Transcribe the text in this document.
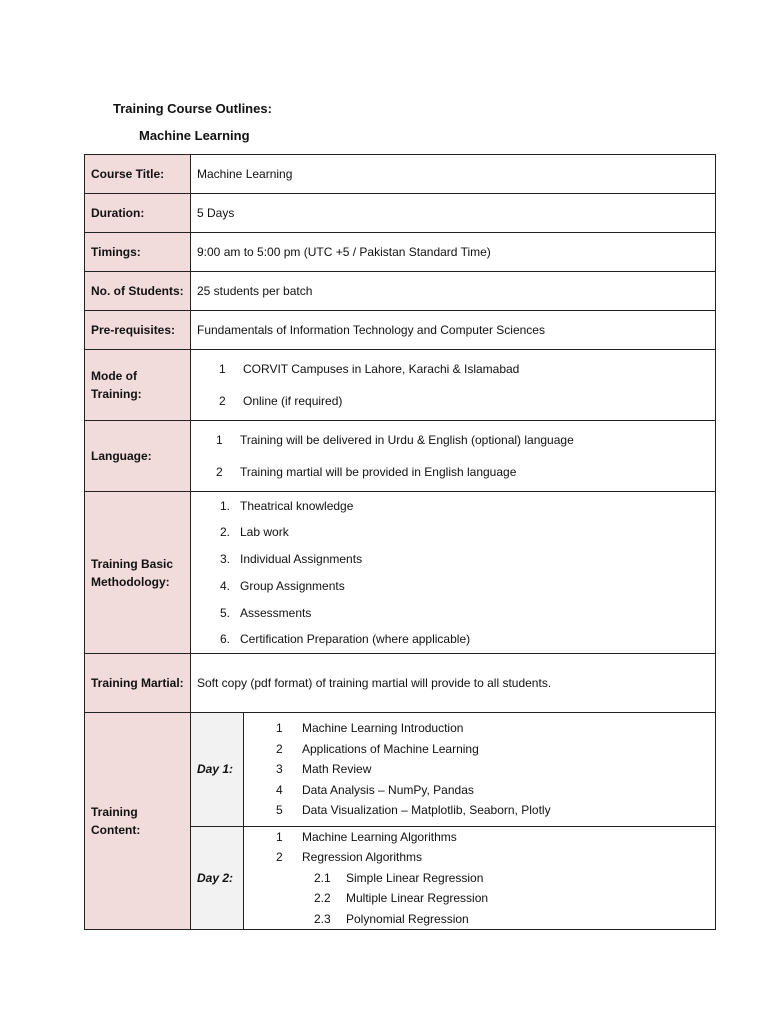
Training Course Outlines:

Machine Learning

Course Title:	Machine Learning
Duration:	5 Days
Timings:	9:00 am to 5:00 pm (UTC +5 / Pakistan Standard Time)
No. of Students:	25 students per batch
Pre-requisites:	Fundamentals of Information Technology and Computer Sciences
Mode of Training:	
1	CORVIT Campuses in Lahore, Karachi & Islamabad
2	Online (if required)

Language:	
1	Training will be delivered in Urdu & English (optional) language
2	Training martial will be provided in English language

Training Basic Methodology:	
1. Theatrical knowledge
2. Lab work
3. Individual Assignments
4. Group Assignments
5. Assessments
6. Certification Preparation (where applicable)

Training Martial:	Soft copy (pdf format) of training martial will provide to all students.
Training Content:	
Day 1:	
1	Machine Learning Introduction
2	Applications of Machine Learning
3	Math Review
4	Data Analysis – NumPy, Pandas
5	Data Visualization – Matplotlib, Seaborn, Plotly

Day 2:	
1	Machine Learning Algorithms
2	Regression Algorithms
2.1	Simple Linear Regression
2.2	Multiple Linear Regression
2.3	Polynomial Regression
